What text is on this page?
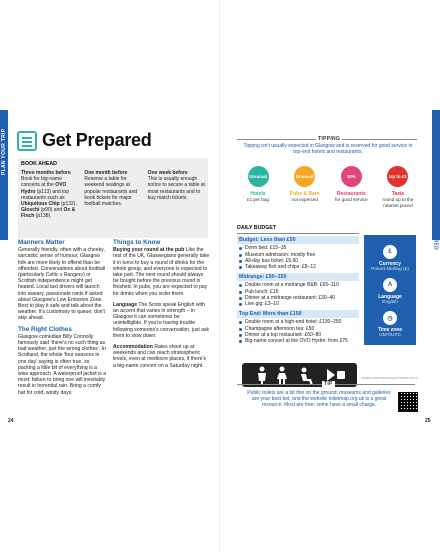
PLAN YOUR TRIP
GET PREPARED
Get Prepared
BOOK AHEAD
Three months before
Book for big-name concerts at the OVO Hydro (p113) and top restaurants such as Ubiquitous Chip (p132), Gloschi (p90) and Ox & Finch (p138).
One month before
Reserve a table for weekend seatings at popular restaurants and book tickets for major football matches.
One week before
This is usually enough notice to secure a table at most restaurants and to buy match tickets.
Manners Matter
Generally friendly, often with a cheeky, sarcastic sense of humour, Glasgow folk are more likely to offend than be offended. Conversations about football (particularly Celtic v Rangers) or Scottish independence might get heated. Local taxi drivers will launch into sweary, passionate rants if asked about Glasgow's Low Emission Zone. Best to play it safe and talk about the weather. It's customary to queue; don't skip ahead.
The Right Clothes
Glasgow comedian Billy Connolly famously said 'there's no such thing as bad weather, just the wrong clothes'. In Scotland, the whole 'four seasons in one day' saying is often true, so packing a little bit of everything is a wise approach. A waterproof jacket is a must; failure to bring one will inevitably result in torrential rain. Bring a comfy hat for cold, windy days.
Things to Know
Buying your round at the pub Like the rest of the UK, Glaswegians generally take it in turns to buy a round of drinks for the whole group, and everyone is expected to take part. The next round should always be bought before the previous round is finished. In pubs, you are expected to pay for drinks when you order them.
Language The Scots speak English with an accent that varies in strength – in Glasgow it can sometimes be unintelligible. If you're having trouble following someone's conversation, just ask them to slow down.
Accommodation Rates shoot up at weekends and can reach stratospheric levels, even at mediocre places, if there's a big-name concert on a Saturday night.
24
PLAN YOUR TRIP
GET PREPARED
TIPPING
Tipping isn't usually expected in Glasgow and is reserved for good service in top-end hotels and restaurants.
Unusual
Hotels
£1 per bag
Unusual
Pubs & Bars
not expected
10%
Restaurants
for good service
Up to £1
Taxis
round up to the nearest pound
DAILY BUDGET
Budget: Less than £50
Dorm bed: £15–35
Museum admission: mostly free
All-day bus ticket: £5.60
Takeaway fish and chips: £8–12
Midrange: £50–150
Double room at a midrange B&B: £65–110
Pub lunch: £15
Dinner at a midrange restaurant: £30–40
Live gig: £3–10
Top End: More than £150
Double room at a high-end hotel: £130–250
Champagne afternoon tea: £50
Dinner at a top restaurant: £60–80
Big-name concert at the OVO Hydro: from £75
£
Currency
Pound sterling (£)
A
Language
English
◷
Time zone
GMT/UTC
RIMMA KAPUSTINA/SHUTTERSTOCK ©
TIP
Public toilets are a bit thin on the ground; museums and galleries are your best bet, and the website toiletmap.org.uk is a great resource. Most are free; some have a small charge.
25
